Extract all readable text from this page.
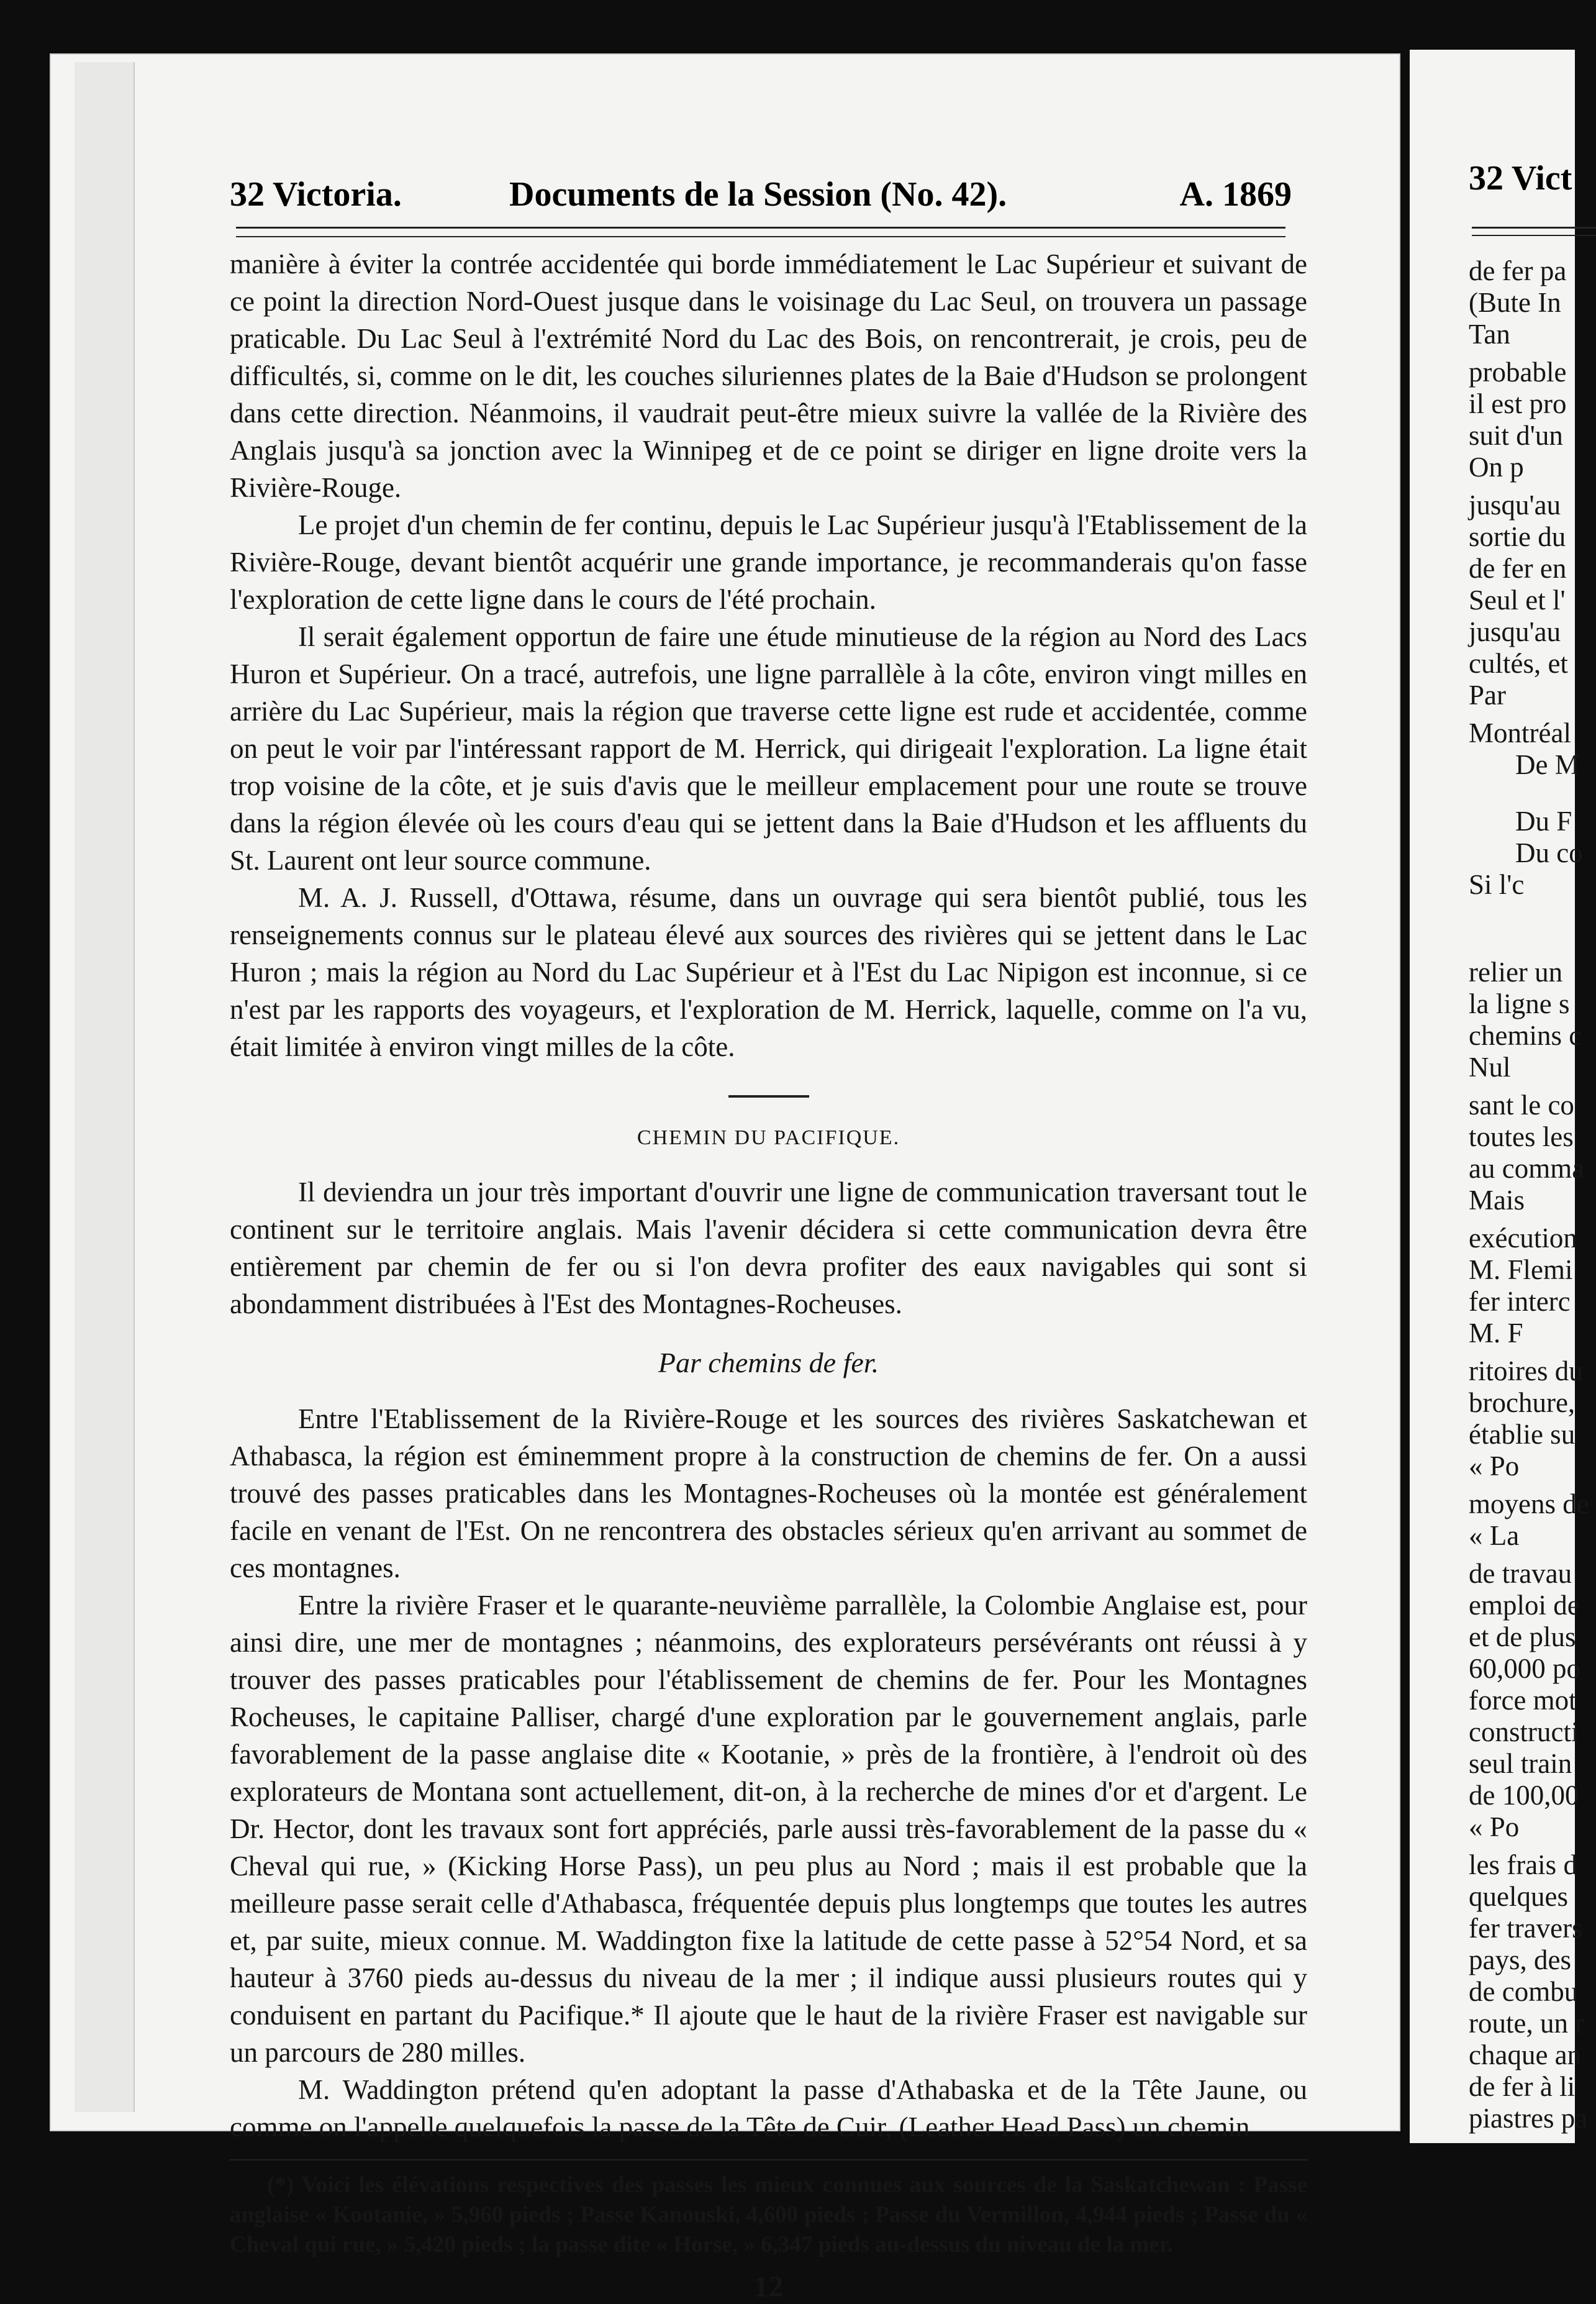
32 Victoria.	Documents de la Session (No. 42).	A. 1869

manière à éviter la contrée accidentée qui borde immédiatement le Lac Supérieur et suivant de ce point la direction Nord-Ouest jusque dans le voisinage du Lac Seul, on trouvera un passage praticable. Du Lac Seul à l'extrémité Nord du Lac des Bois, on rencontrerait, je crois, peu de difficultés, si, comme on le dit, les couches siluriennes plates de la Baie d'Hudson se prolongent dans cette direction. Néanmoins, il vaudrait peut-être mieux suivre la vallée de la Rivière des Anglais jusqu'à sa jonction avec la Winnipeg et de ce point se diriger en ligne droite vers la Rivière-Rouge.

Le projet d'un chemin de fer continu, depuis le Lac Supérieur jusqu'à l'Etablissement de la Rivière-Rouge, devant bientôt acquérir une grande importance, je recommanderais qu'on fasse l'exploration de cette ligne dans le cours de l'été prochain.

Il serait également opportun de faire une étude minutieuse de la région au Nord des Lacs Huron et Supérieur. On a tracé, autrefois, une ligne parrallèle à la côte, environ vingt milles en arrière du Lac Supérieur, mais la région que traverse cette ligne est rude et accidentée, comme on peut le voir par l'intéressant rapport de M. Herrick, qui dirigeait l'exploration. La ligne était trop voisine de la côte, et je suis d'avis que le meilleur emplacement pour une route se trouve dans la région élevée où les cours d'eau qui se jettent dans la Baie d'Hudson et les affluents du St. Laurent ont leur source commune.

M. A. J. Russell, d'Ottawa, résume, dans un ouvrage qui sera bientôt publié, tous les renseignements connus sur le plateau élevé aux sources des rivières qui se jettent dans le Lac Huron ; mais la région au Nord du Lac Supérieur et à l'Est du Lac Nipigon est inconnue, si ce n'est par les rapports des voyageurs, et l'exploration de M. Herrick, laquelle, comme on l'a vu, était limitée à environ vingt milles de la côte.

CHEMIN DU PACIFIQUE.

Il deviendra un jour très important d'ouvrir une ligne de communication traversant tout le continent sur le territoire anglais. Mais l'avenir décidera si cette communication devra être entièrement par chemin de fer ou si l'on devra profiter des eaux navigables qui sont si abondamment distribuées à l'Est des Montagnes-Rocheuses.

Par chemins de fer.

Entre l'Etablissement de la Rivière-Rouge et les sources des rivières Saskatchewan et Athabasca, la région est éminemment propre à la construction de chemins de fer. On a aussi trouvé des passes praticables dans les Montagnes-Rocheuses où la montée est généralement facile en venant de l'Est. On ne rencontrera des obstacles sérieux qu'en arrivant au sommet de ces montagnes.

Entre la rivière Fraser et le quarante-neuvième parrallèle, la Colombie Anglaise est, pour ainsi dire, une mer de montagnes ; néanmoins, des explorateurs persévérants ont réussi à y trouver des passes praticables pour l'établissement de chemins de fer. Pour les Montagnes Rocheuses, le capitaine Palliser, chargé d'une exploration par le gouvernement anglais, parle favorablement de la passe anglaise dite « Kootanie, » près de la frontière, à l'endroit où des explorateurs de Montana sont actuellement, dit-on, à la recherche de mines d'or et d'argent. Le Dr. Hector, dont les travaux sont fort appréciés, parle aussi très-favorablement de la passe du « Cheval qui rue, » (Kicking Horse Pass), un peu plus au Nord ; mais il est probable que la meilleure passe serait celle d'Athabasca, fréquentée depuis plus longtemps que toutes les autres et, par suite, mieux connue. M. Waddington fixe la latitude de cette passe à 52°54 Nord, et sa hauteur à 3760 pieds au-dessus du niveau de la mer ; il indique aussi plusieurs routes qui y conduisent en partant du Pacifique.* Il ajoute que le haut de la rivière Fraser est navigable sur un parcours de 280 milles.

M. Waddington prétend qu'en adoptant la passe d'Athabaska et de la Tête Jaune, ou comme on l'appelle quelquefois la passe de la Tête de Cuir, (Leather Head Pass) un chemin

(*) Voici les élévations respectives des passes les mieux connues aux sources de la Saskatchewan : Passe anglaise « Kootanie, » 5,960 pieds ; Passe Kanouski, 4,600 pieds ; Passe du Vermillon, 4,944 pieds ; Passe du « Cheval qui rue, » 5,420 pieds ; la passe dite « Horse, » 6,347 pieds au-dessus du niveau de la mer.

12
32 Vict
de fer pa
(Bute In
Tan
probable
il est pro
suit d'un
On p
jusqu'au
sortie du
de fer en
Seul et l'
jusqu'au
cultés, et
Par
Montréal
De M
Du F
Du co
Si l'c
relier un
la ligne s
chemins c
Nul
sant le co
toutes les
au comma
Mais
exécution
M. Flemi
fer interc
M. F
ritoires du
brochure,
établie su
« Po
moyens de
« La
de travau
emploi de
et de plus
60,000 po
force mot
constructi
seul train
de 100,00
« Po
les frais d
quelques
fer travers
pays, des
de combu
route, un r
chaque an
de fer à li
piastres pa
